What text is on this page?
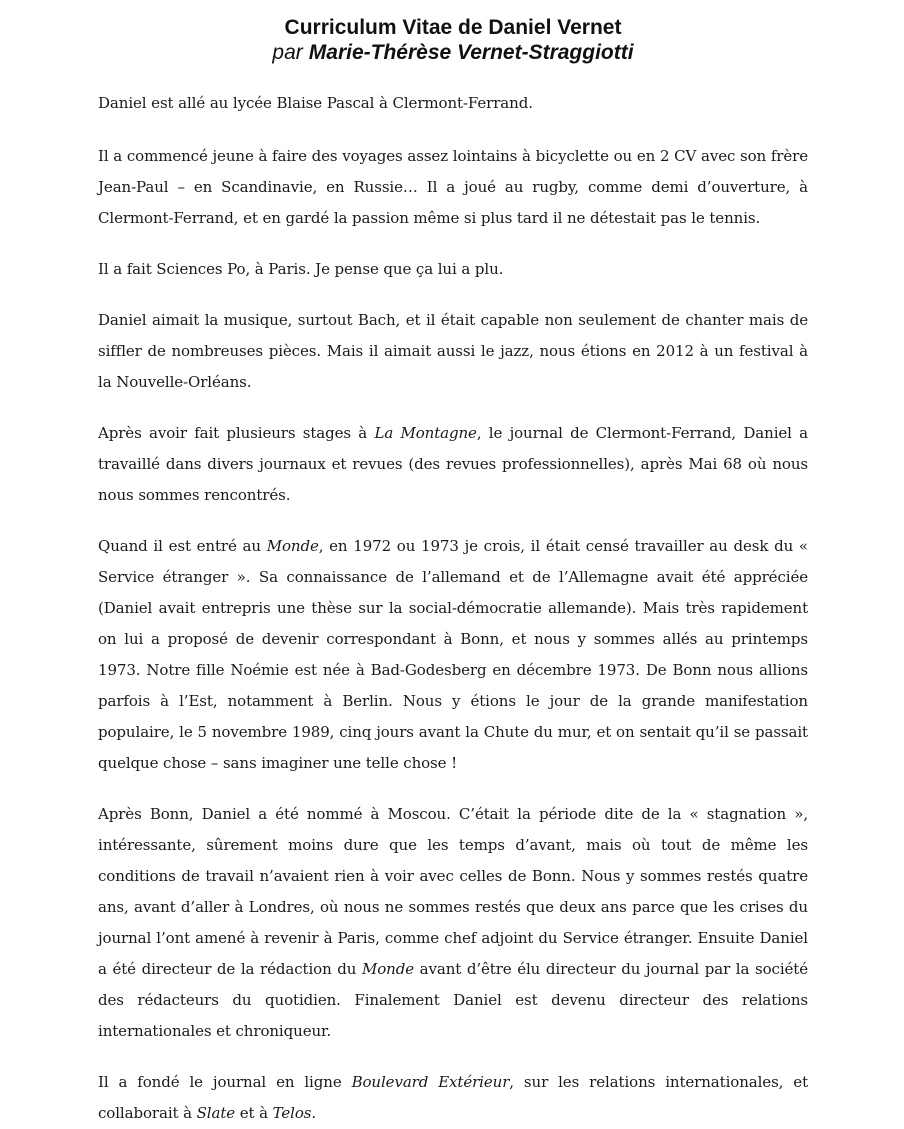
Curriculum Vitae de Daniel Vernet

par Marie-Thérèse Vernet-Straggiotti

Daniel est allé au lycée Blaise Pascal à Clermont-Ferrand.

Il a commencé jeune à faire des voyages assez lointains à bicyclette ou en 2 CV avec son frère Jean-Paul – en Scandinavie, en Russie… Il a joué au rugby, comme demi d’ouverture, à Clermont-Ferrand, et en gardé la passion même si plus tard il ne détestait pas le tennis.

Il a fait Sciences Po, à Paris. Je pense que ça lui a plu.

Daniel aimait la musique, surtout Bach, et il était capable non seulement de chanter mais de siffler de nombreuses pièces. Mais il aimait aussi le jazz, nous étions en 2012 à un festival à la Nouvelle-Orléans.

Après avoir fait plusieurs stages à La Montagne, le journal de Clermont-Ferrand, Daniel a travaillé dans divers journaux et revues (des revues professionnelles), après Mai 68 où nous nous sommes rencontrés.

Quand il est entré au Monde, en 1972 ou 1973 je crois, il était censé travailler au desk du « Service étranger ». Sa connaissance de l’allemand et de l’Allemagne avait été appréciée (Daniel avait entrepris une thèse sur la social-démocratie allemande). Mais très rapidement on lui a proposé de devenir correspondant à Bonn, et nous y sommes allés au printemps 1973. Notre fille Noémie est née à Bad-Godesberg en décembre 1973. De Bonn nous allions parfois à l’Est, notamment à Berlin. Nous y étions le jour de la grande manifestation populaire, le 5 novembre 1989, cinq jours avant la Chute du mur, et on sentait qu’il se passait quelque chose – sans imaginer une telle chose !

Après Bonn, Daniel a été nommé à Moscou. C’était la période dite de la « stagnation », intéressante, sûrement moins dure que les temps d’avant, mais où tout de même les conditions de travail n’avaient rien à voir avec celles de Bonn. Nous y sommes restés quatre ans, avant d’aller à Londres, où nous ne sommes restés que deux ans parce que les crises du journal l’ont amené à revenir à Paris, comme chef adjoint du Service étranger. Ensuite Daniel a été directeur de la rédaction du Monde avant d’être élu directeur du journal par la société des rédacteurs du quotidien. Finalement Daniel est devenu directeur des relations internationales et chroniqueur.

Il a fondé le journal en ligne Boulevard Extérieur, sur les relations internationales, et collaborait à Slate et à Telos.
